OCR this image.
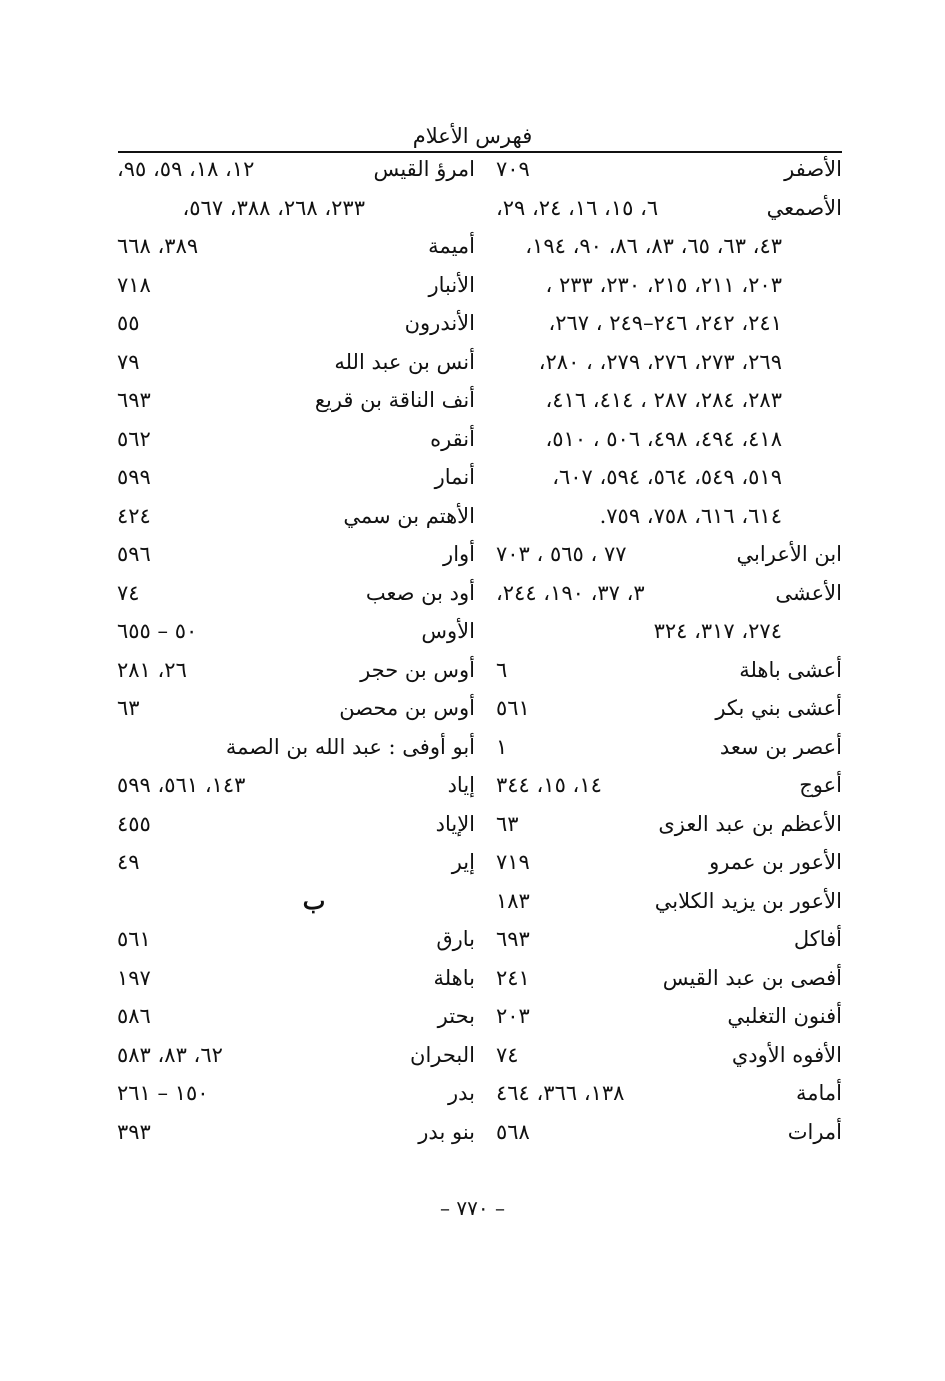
فهرس الأعلام
الأصفر
٧٠٩
الأصمعي
٦، ١٥، ١٦، ٢٤، ٢٩،
٤٣، ٦٣، ٦٥، ٨٣، ٨٦، ٩٠، ١٩٤،
٢٠٣، ٢١١، ٢١٥، ٢٣٠، ٢٣٣ ،
٢٤١، ٢٤٢، ٢٤٦–٢٤٩ ، ٢٦٧،
٢٦٩، ٢٧٣، ٢٧٦، ٢٧٩، ، ٢٨٠،
٢٨٣، ٢٨٤، ٢٨٧ ، ٤١٤، ٤١٦،
٤١٨، ٤٩٤، ٤٩٨، ٥٠٦ ، ٥١٠،
٥١٩، ٥٤٩، ٥٦٤، ٥٩٤، ٦٠٧،
٦١٤، ٦١٦، ٧٥٨، ٧٥٩.
ابن الأعرابي
٧٧ ، ٥٦٥ ، ٧٠٣
الأعشى
٣، ٣٧، ١٩٠، ٢٤٤،
٢٧٤، ٣١٧، ٣٢٤
أعشى باهلة
٦
أعشى بني بكر
٥٦١
أعصر بن سعد
١
أعوج
١٤، ١٥، ٣٤٤
الأعظم بن عبد العزى
٦٣
الأعور بن عمرو
٧١٩
الأعور بن يزيد الكلابي
١٨٣
أفاكل
٦٩٣
أفصى بن عبد القيس
٢٤١
أفنون التغلبي
٢٠٣
الأفوه الأودي
٧٤
أمامة
١٣٨، ٣٦٦، ٤٦٤
أمرات
٥٦٨
امرؤ القيس
١٢، ١٨، ٥٩، ٩٥،
٢٣٣، ٢٦٨، ٣٨٨، ٥٦٧،
أميمة
٣٨٩، ٦٦٨
الأنبار
٧١٨
الأندرون
٥٥
أنس بن عبد الله
٧٩
أنف الناقة بن قريع
٦٩٣
أنقره
٥٦٢
أنمار
٥٩٩
الأهتم بن سمي
٤٢٤
أوار
٥٩٦
أود بن صعب
٧٤
الأوس
٥٠ – ٦٥٥
أوس بن حجر
٢٦، ٢٨١
أوس بن محصن
٦٣
أبو أوفى : عبد الله بن الصمة
إياد
١٤٣، ٥٦١، ٥٩٩
الإياد
٤٥٥
إير
٤٩
ب
بارق
٥٦١
باهلة
١٩٧
بحتر
٥٨٦
البحران
٦٢، ٨٣، ٥٨٣
بدر
١٥٠ – ٢٦١
بنو بدر
٣٩٣
– ٧٧٠ –
